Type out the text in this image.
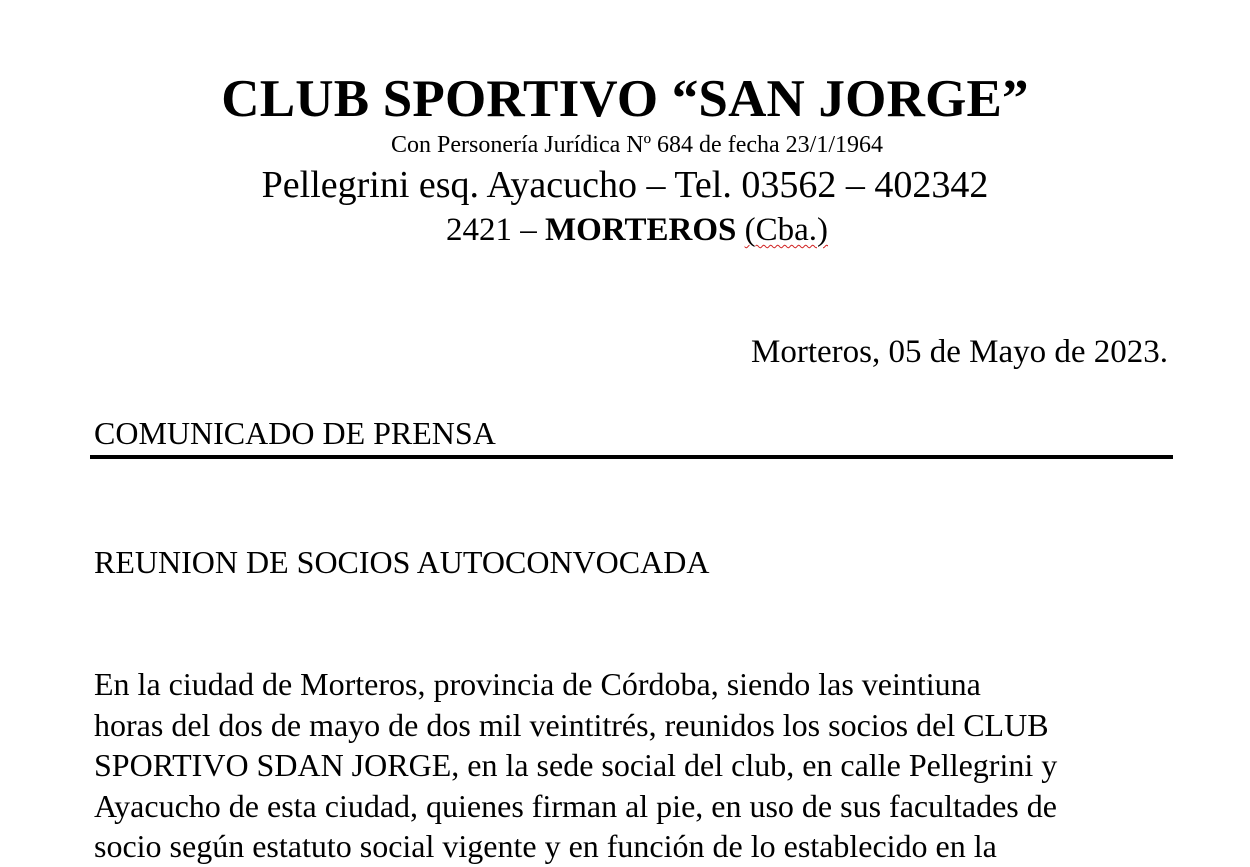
CLUB SPORTIVO “SAN JORGE”
Con Personería Jurídica Nº 684 de fecha 23/1/1964
Pellegrini esq. Ayacucho – Tel. 03562 – 402342
2421 – MORTEROS (Cba.)
Morteros, 05 de Mayo de 2023.
COMUNICADO DE PRENSA
REUNION DE SOCIOS AUTOCONVOCADA
En la ciudad de Morteros, provincia de Córdoba, siendo las veintiuna
horas del dos de mayo de dos mil veintitrés, reunidos los socios del CLUB
SPORTIVO SDAN JORGE, en la sede social del club, en calle Pellegrini y
Ayacucho de esta ciudad, quienes firman al pie, en uso de sus facultades de
socio según estatuto social vigente y en función de lo establecido en la
